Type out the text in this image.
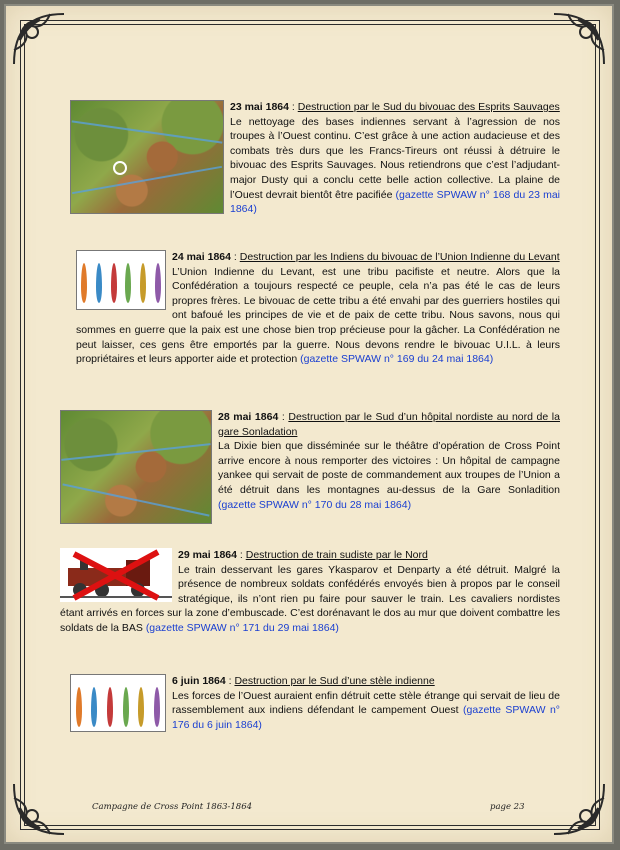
23 mai 1864 : Destruction par le Sud du bivouac des Esprits Sauvages
Le nettoyage des bases indiennes servant à l’agression de nos troupes à l’Ouest continu. C’est grâce à une action audacieuse et des combats très durs que les Francs-Tireurs ont réussi à détruire le bivouac des Esprits Sauvages. Nous retiendrons que c’est l’adjudant-major Dusty qui a conclu cette belle action collective. La plaine de l’Ouest devrait bientôt être pacifiée (gazette SPWAW n° 168 du 23 mai 1864)
24 mai 1864 : Destruction par les Indiens du bivouac de l’Union Indienne du Levant
L’Union Indienne du Levant, est une tribu pacifiste et neutre. Alors que la Confédération a toujours respecté ce peuple, cela n’a pas été le cas de leurs propres frères. Le bivouac de cette tribu a été envahi par des guerriers hostiles qui ont bafoué les principes de vie et de paix de cette tribu. Nous savons, nous qui sommes en guerre que la paix est une chose bien trop précieuse pour la gâcher. La Confédération ne peut laisser, ces gens être emportés par la guerre. Nous devons rendre le bivouac U.I.L. à leurs propriétaires et leurs apporter aide et protection (gazette SPWAW n° 169 du 24 mai 1864)
28 mai 1864 : Destruction par le Sud d’un hôpital nordiste au nord de la gare Sonladation
La Dixie bien que disséminée sur le théâtre d’opération de Cross Point arrive encore à nous remporter des victoires : Un hôpital de campagne yankee qui servait de poste de commandement aux troupes de l’Union a été détruit dans les montagnes au-dessus de la Gare Sonladition (gazette SPWAW n° 170 du 28 mai 1864)
29 mai 1864 : Destruction de train sudiste par le Nord
Le train desservant les gares Ykasparov et Denparty a été détruit. Malgré la présence de nombreux soldats confédérés envoyés bien à propos par le conseil stratégique, ils n’ont rien pu faire pour sauver le train. Les cavaliers nordistes étant arrivés en forces sur la zone d’embuscade. C’est dorénavant le dos au mur que doivent combattre les soldats de la BAS (gazette SPWAW n° 171 du 29 mai 1864)
6 juin 1864 : Destruction par le Sud d’une stèle indienne
Les forces de l’Ouest auraient enfin détruit cette stèle étrange qui servait de lieu de rassemblement aux indiens défendant le campement Ouest (gazette SPWAW n° 176 du 6 juin 1864)
Campagne de Cross Point 1863-1864	page 23
